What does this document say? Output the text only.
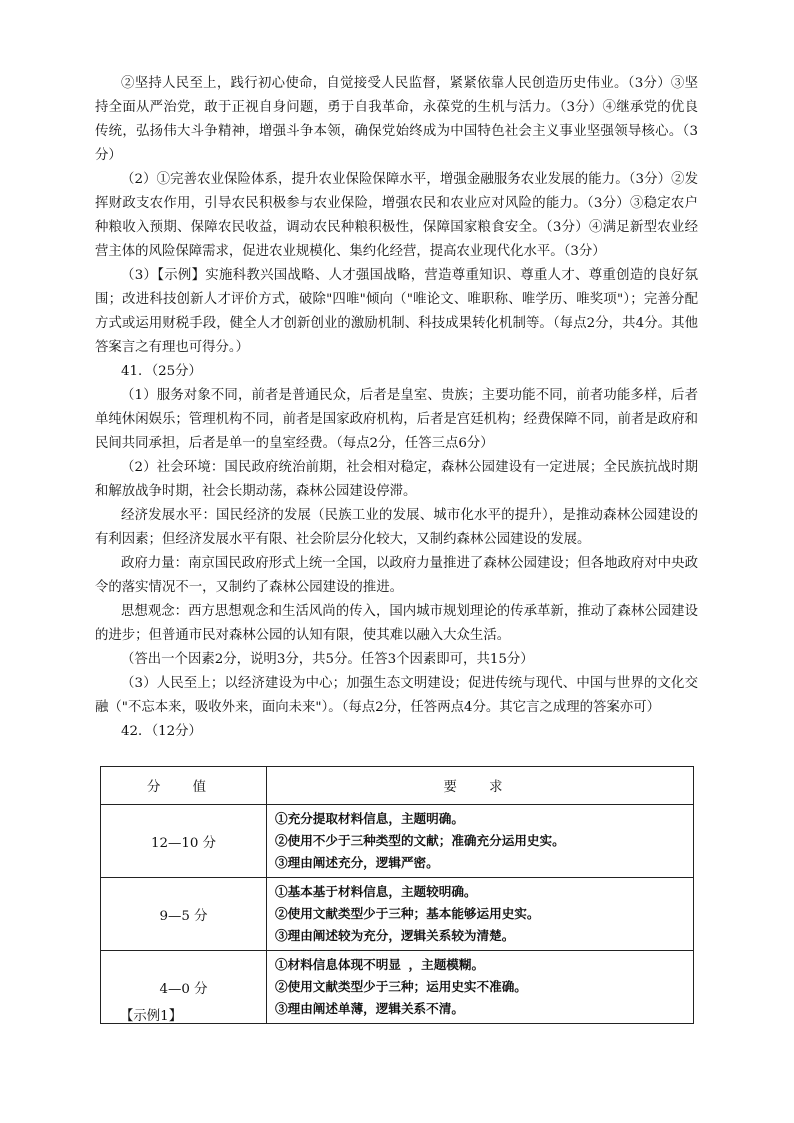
②坚持人民至上，践行初心使命，自觉接受人民监督，紧紧依靠人民创造历史伟业。（3分）③坚持全面从严治党，敢于正视自身问题，勇于自我革命，永葆党的生机与活力。（3分）④继承党的优良传统，弘扬伟大斗争精神，增强斗争本领，确保党始终成为中国特色社会主义事业坚强领导核心。（3分）

（2）①完善农业保险体系，提升农业保险保障水平，增强金融服务农业发展的能力。（3分）②发挥财政支农作用，引导农民积极参与农业保险，增强农民和农业应对风险的能力。（3分）③稳定农户种粮收入预期、保障农民收益，调动农民种粮积极性，保障国家粮食安全。（3分）④满足新型农业经营主体的风险保障需求，促进农业规模化、集约化经营，提高农业现代化水平。（3分）

（3）【示例】实施科教兴国战略、人才强国战略，营造尊重知识、尊重人才、尊重创造的良好氛围；改进科技创新人才评价方式，破除"四唯"倾向（"唯论文、唯职称、唯学历、唯奖项"）；完善分配方式或运用财税手段，健全人才创新创业的激励机制、科技成果转化机制等。（每点2分，共4分。其他答案言之有理也可得分。）

41．（25分）

（1）服务对象不同，前者是普通民众，后者是皇室、贵族；主要功能不同，前者功能多样，后者单纯休闲娱乐；管理机构不同，前者是国家政府机构，后者是宫廷机构；经费保障不同，前者是政府和民间共同承担，后者是单一的皇室经费。（每点2分，任答三点6分）

（2）社会环境：国民政府统治前期，社会相对稳定，森林公园建设有一定进展；全民族抗战时期和解放战争时期，社会长期动荡，森林公园建设停滞。

经济发展水平：国民经济的发展（民族工业的发展、城市化水平的提升），是推动森林公园建设的有利因素；但经济发展水平有限、社会阶层分化较大，又制约森林公园建设的发展。

政府力量：南京国民政府形式上统一全国，以政府力量推进了森林公园建设；但各地政府对中央政令的落实情况不一，又制约了森林公园建设的推进。

思想观念：西方思想观念和生活风尚的传入，国内城市规划理论的传承革新，推动了森林公园建设的进步；但普通市民对森林公园的认知有限，使其难以融入大众生活。

（答出一个因素2分，说明3分，共5分。任答3个因素即可，共15分）

（3）人民至上；以经济建设为中心；加强生态文明建设；促进传统与现代、中国与世界的文化交融（"不忘本来，吸收外来，面向未来"）。（每点2分，任答两点4分。其它言之成理的答案亦可）

42．（12分）

分 值	要 求
12—10 分	①充分提取材料信息，主题明确。
②使用不少于三种类型的文献；准确充分运用史实。
③理由阐述充分，逻辑严密。

9—5 分	①基本基于材料信息，主题较明确。
②使用文献类型少于三种；基本能够运用史实。
③理由阐述较为充分，逻辑关系较为清楚。

4—0 分	①材料信息体现不明显 ，主题模糊。
②使用文献类型少于三种；运用史实不准确。
③理由阐述单薄，逻辑关系不清。
【示例1】
